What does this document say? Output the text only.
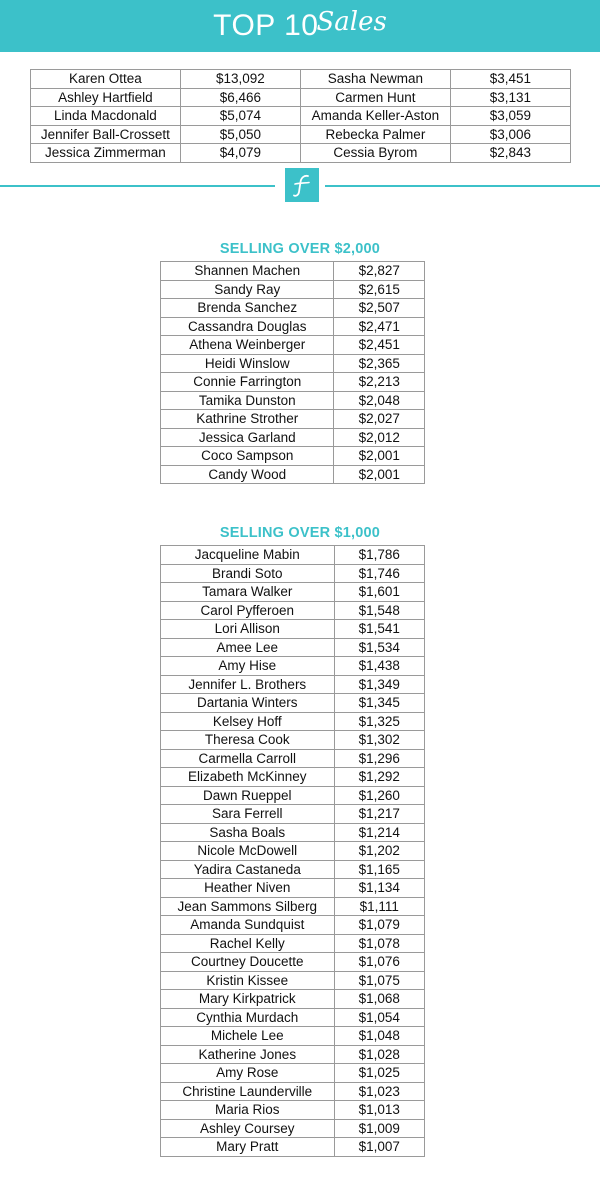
TOP 10
Sales
Karen Ottea	$13,092	Sasha Newman	$3,451
Ashley Hartfield	$6,466	Carmen Hunt	$3,131
Linda Macdonald	$5,074	Amanda Keller-Aston	$3,059
Jennifer Ball-Crossett	$5,050	Rebecka Palmer	$3,006
Jessica Zimmerman	$4,079	Cessia Byrom	$2,843
SELLING OVER $2,000
Shannen Machen	$2,827
Sandy Ray	$2,615
Brenda Sanchez	$2,507
Cassandra Douglas	$2,471
Athena Weinberger	$2,451
Heidi Winslow	$2,365
Connie Farrington	$2,213
Tamika Dunston	$2,048
Kathrine Strother	$2,027
Jessica Garland	$2,012
Coco Sampson	$2,001
Candy Wood	$2,001
SELLING OVER $1,000
Jacqueline Mabin	$1,786
Brandi Soto	$1,746
Tamara Walker	$1,601
Carol Pyfferoen	$1,548
Lori Allison	$1,541
Amee Lee	$1,534
Amy Hise	$1,438
Jennifer L. Brothers	$1,349
Dartania Winters	$1,345
Kelsey Hoff	$1,325
Theresa Cook	$1,302
Carmella Carroll	$1,296
Elizabeth McKinney	$1,292
Dawn Rueppel	$1,260
Sara Ferrell	$1,217
Sasha Boals	$1,214
Nicole McDowell	$1,202
Yadira Castaneda	$1,165
Heather Niven	$1,134
Jean Sammons Silberg	$1,111
Amanda Sundquist	$1,079
Rachel Kelly	$1,078
Courtney Doucette	$1,076
Kristin Kissee	$1,075
Mary Kirkpatrick	$1,068
Cynthia Murdach	$1,054
Michele Lee	$1,048
Katherine Jones	$1,028
Amy Rose	$1,025
Christine Launderville	$1,023
Maria Rios	$1,013
Ashley Coursey	$1,009
Mary Pratt	$1,007
